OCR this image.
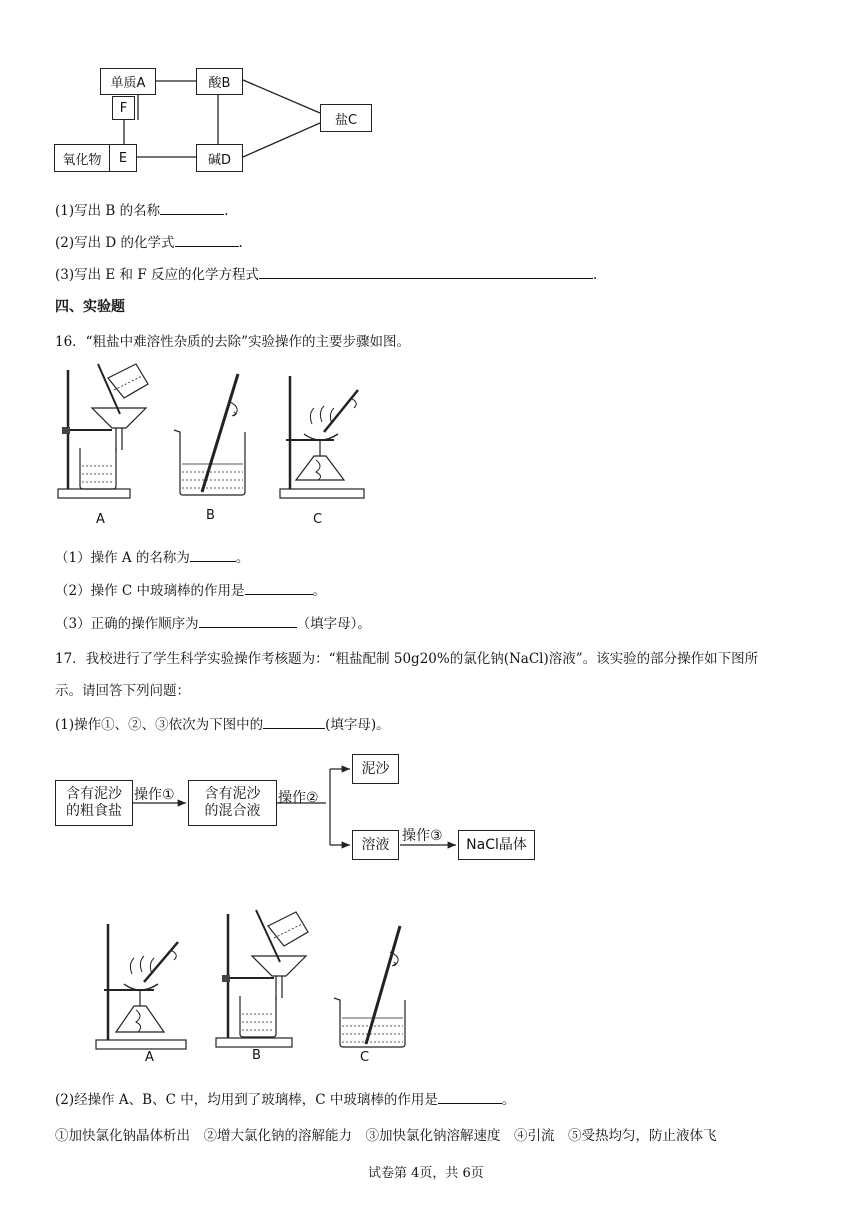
单质A	酸B
盐C
F
氧化物	E	碱D
(1)写出 B 的名称	.
(2)写出 D 的化学式	.
(3)写出 E 和 F 反应的化学方程式	.
四、实验题
16．“粗盐中难溶性杂质的去除”实验操作的主要步骤如图。
A	B	C
（1）操作 A 的名称为	。
（2）操作 C 中玻璃棒的作用是	。
（3）正确的操作顺序为	（填字母）。
17．我校进行了学生科学实验操作考核题为：“粗盐配制 50g20%的氯化钠(NaCl)溶液”。该实验的部分操作如下图所
示。请回答下列问题：
(1)操作①、②、③依次为下图中的	(填字母)。
含有泥沙
的粗食盐
操作① 含有泥沙
的混合液
操作②
泥沙
溶液
操作③
NaCl晶体
A	B	C
(2)经操作 A、B、C 中，均用到了玻璃棒，C 中玻璃棒的作用是	。
①加快氯化钠晶体析出　②增大氯化钠的溶解能力　③加快氯化钠溶解速度　④引流　⑤受热均匀，防止液体飞
试卷第 4页，共 6页
